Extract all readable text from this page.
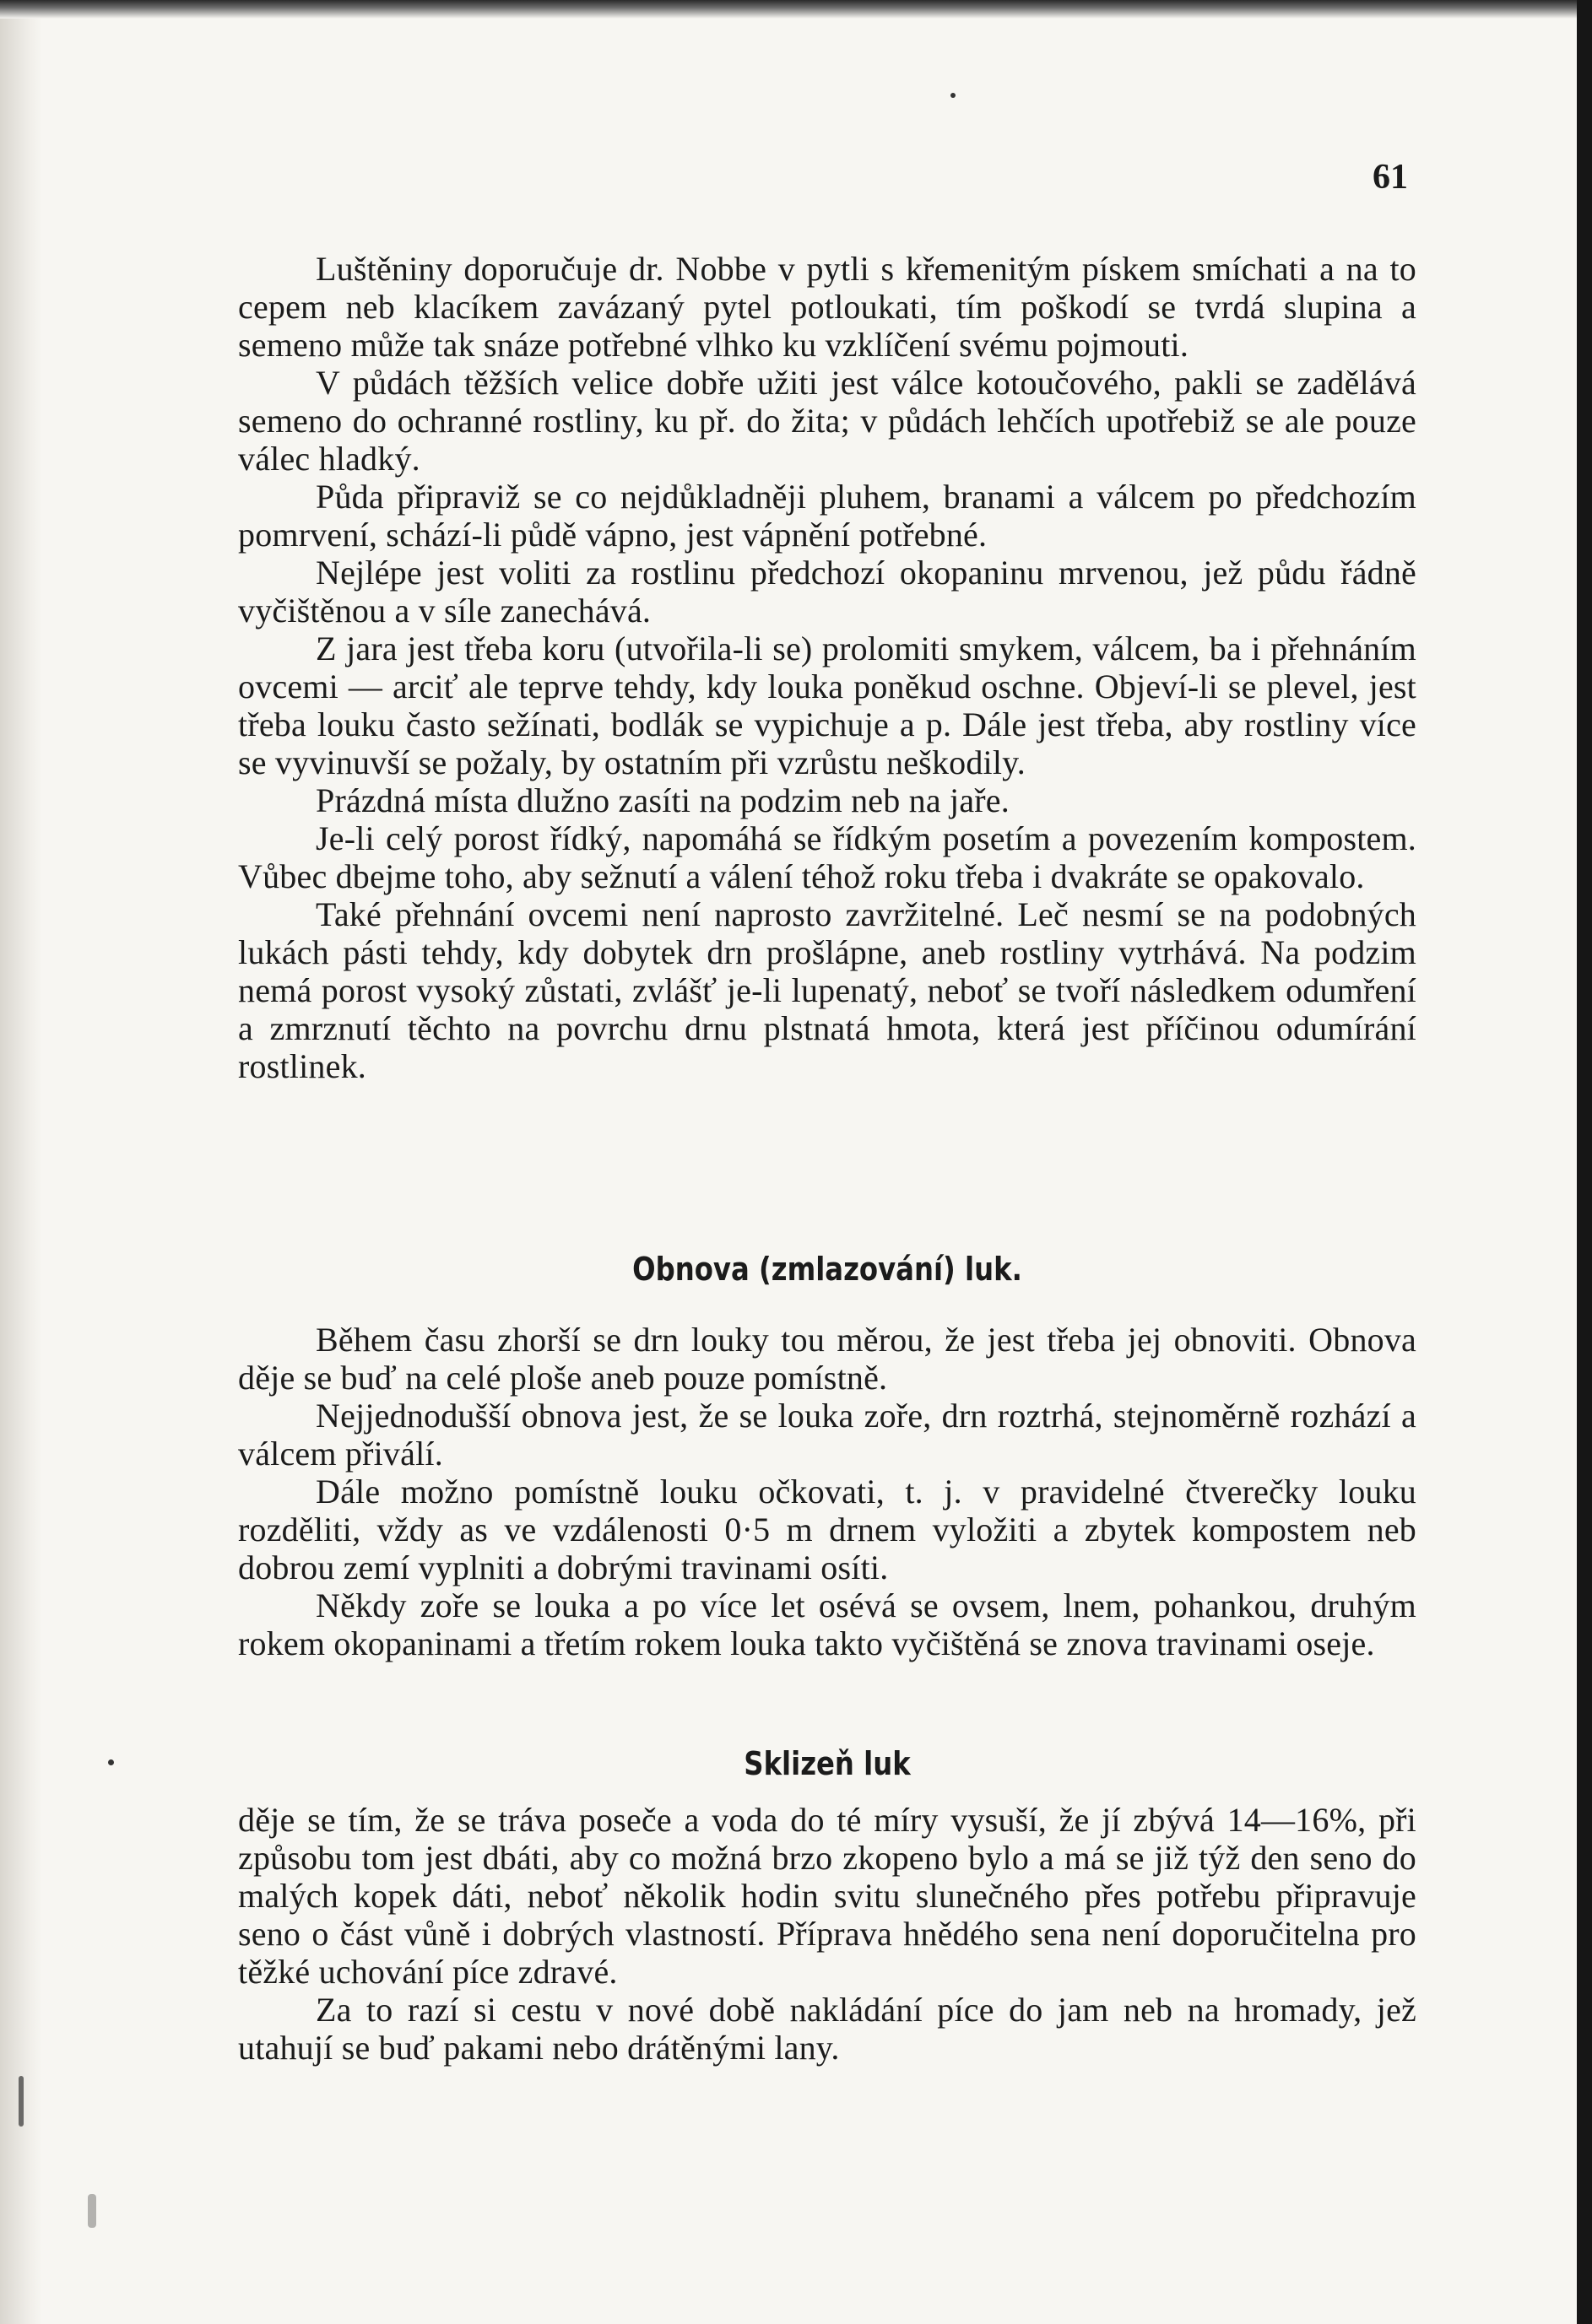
61

Luštěniny doporučuje dr. Nobbe v pytli s křemenitým pískem smíchati a na to cepem neb klacíkem zavázaný pytel potloukati, tím poškodí se tvrdá slupina a semeno může tak snáze potřebné vlhko ku vzklíčení svému pojmouti.

V půdách těžších velice dobře užiti jest válce kotoučového, pakli se zadělává semeno do ochranné rostliny, ku př. do žita; v půdách lehčích upotřebiž se ale pouze válec hladký.

Půda připraviž se co nejdůkladněji pluhem, branami a válcem po předchozím pomrvení, schází-li půdě vápno, jest vápnění potřebné.

Nejlépe jest voliti za rostlinu předchozí okopaninu mrvenou, jež půdu řádně vyčištěnou a v síle zanechává.

Z jara jest třeba koru (utvořila-li se) prolomiti smykem, válcem, ba i přehnáním ovcemi — arciť ale teprve tehdy, kdy louka poněkud oschne. Objeví-li se plevel, jest třeba louku často sežínati, bodlák se vypichuje a p. Dále jest třeba, aby rostliny více se vyvinuvší se požaly, by ostatním při vzrůstu neškodily.

Prázdná místa dlužno zasíti na podzim neb na jaře.

Je-li celý porost řídký, napomáhá se řídkým posetím a povezením kompostem. Vůbec dbejme toho, aby sežnutí a válení téhož roku třeba i dvakráte se opakovalo.

Také přehnání ovcemi není naprosto zavržitelné. Leč nesmí se na podobných lukách pásti tehdy, kdy dobytek drn prošlápne, aneb rostliny vytrhává. Na podzim nemá porost vysoký zůstati, zvlášť je-li lupenatý, neboť se tvoří následkem odumření a zmrznutí těchto na povrchu drnu plstnatá hmota, která jest příčinou odumírání rostlinek.

Obnova (zmlazování) luk.

Během času zhorší se drn louky tou měrou, že jest třeba jej obnoviti. Obnova děje se buď na celé ploše aneb pouze pomístně.

Nejjednodušší obnova jest, že se louka zoře, drn roztrhá, stejnoměrně rozhází a válcem přiválí.

Dále možno pomístně louku očkovati, t. j. v pravidelné čtverečky louku rozděliti, vždy as ve vzdálenosti 0·5 m drnem vyložiti a zbytek kompostem neb dobrou zemí vyplniti a dobrými travinami osíti.

Někdy zoře se louka a po více let osévá se ovsem, lnem, pohankou, druhým rokem okopaninami a třetím rokem louka takto vyčištěná se znova travinami oseje.

Sklizeň luk

děje se tím, že se tráva poseče a voda do té míry vysuší, že jí zbývá 14—16%, při způsobu tom jest dbáti, aby co možná brzo zkopeno bylo a má se již týž den seno do malých kopek dáti, neboť několik hodin svitu slunečného přes potřebu připravuje seno o část vůně i dobrých vlastností. Příprava hnědého sena není doporučitelna pro těžké uchování píce zdravé.

Za to razí si cestu v nové době nakládání píce do jam neb na hromady, jež utahují se buď pakami nebo drátěnými lany.
